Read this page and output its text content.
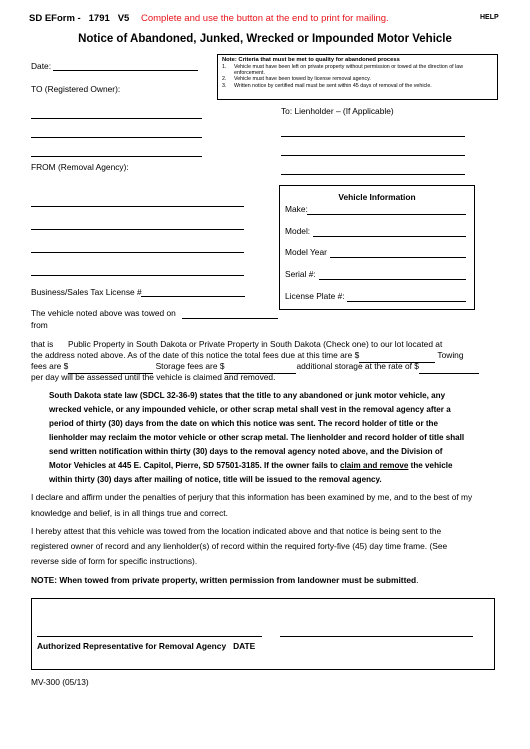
SD EForm -   1791   V5 Complete and use the button at the end to print for mailing.	HELP
Notice of Abandoned, Junked, Wrecked or Impounded Motor Vehicle
Date:
TO (Registered Owner):
FROM (Removal Agency):
Business/Sales Tax License #
Note: Criteria that must be met to quality for abandoned process
1.	Vehicle must have been left on private property without permission or towed at the direction of law enforcement.
2.	Vehicle must have been towed by license removal agency.
3.	Written notice by certified mail must be sent within 45 days of removal of the vehicle.
To: Lienholder – (If Applicable)
Vehicle Information
Make:
Model:
Model Year
Serial #:
License Plate #:
The vehicle noted above was towed on
from
that is Public Property in South Dakota or Private Property in South Dakota (Check one) to our lot located at
the address noted above. As of the date of this notice the total fees due at this time are $	Towing
fees are $	Storage fees are $	additional storage at the rate of $
per day will be assessed until the vehicle is claimed and removed.
South Dakota state law (SDCL 32-36-9) states that the title to any abandoned or junk motor vehicle, any
wrecked vehicle, or any impounded vehicle, or other scrap metal shall vest in the removal agency after a
period of thirty (30) days from the date on which this notice was sent. The record holder of title or the
lienholder may reclaim the motor vehicle or other scrap metal. The lienholder and record holder of title shall
send written notification within thirty (30) days to the removal agency noted above, and the Division of
Motor Vehicles at 445 E. Capitol, Pierre, SD 57501-3185. If the owner fails to claim and remove the vehicle
within thirty (30) days after mailing of notice, title will be issued to the removal agency.
I declare and affirm under the penalties of perjury that this information has been examined by me, and to the best of my
knowledge and belief, is in all things true and correct.
I hereby attest that this vehicle was towed from the location indicated above and that notice is being sent to the
registered owner of record and any lienholder(s) of record within the required forty-five (45) day time frame. (See
reverse side of form for specific instructions).
NOTE: When towed from private property, written permission from landowner must be submitted.
Authorized Representative for Removal Agency   DATE
MV-300 (05/13)
